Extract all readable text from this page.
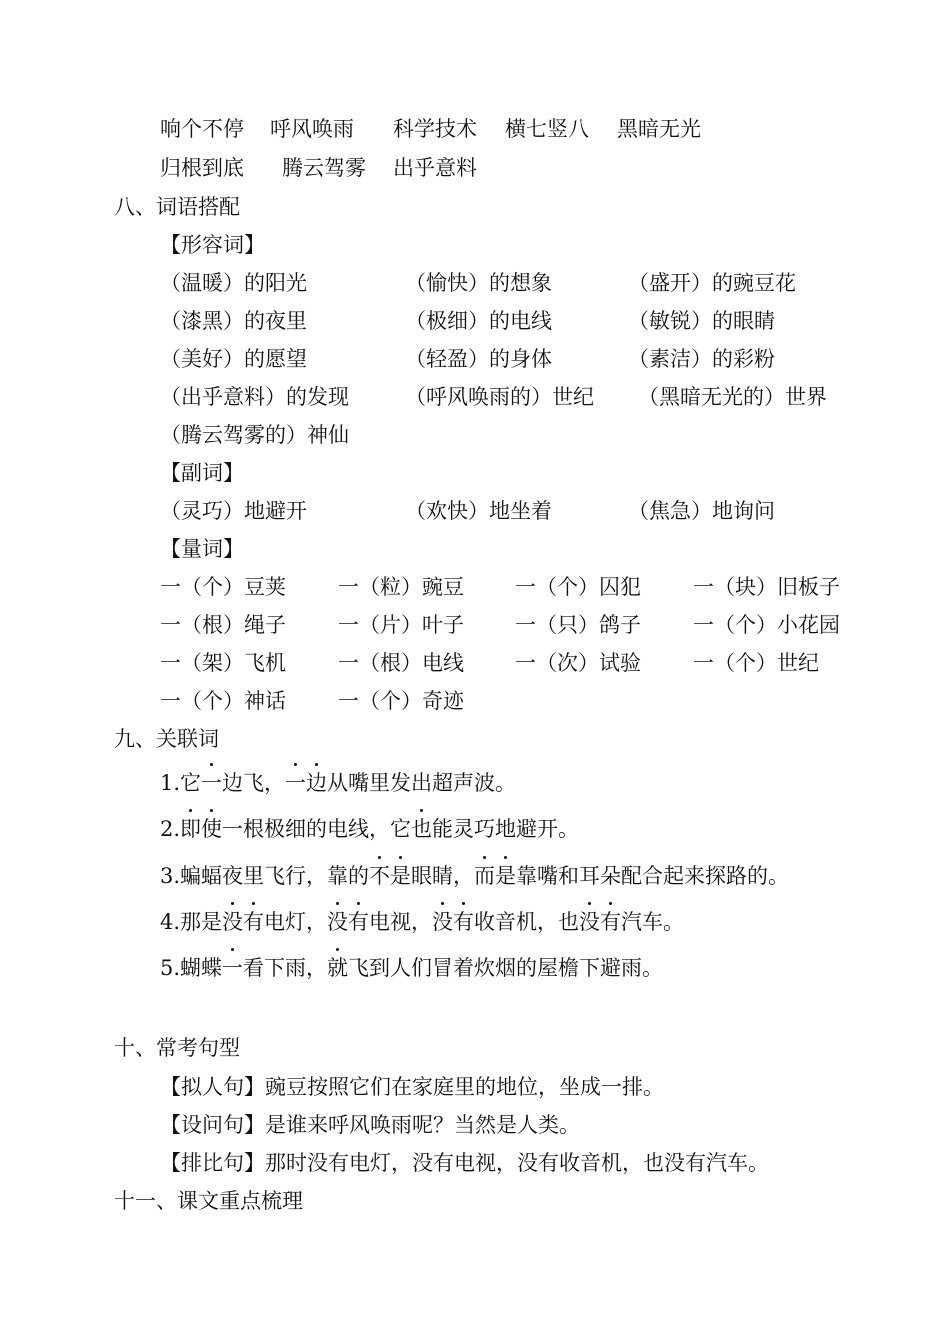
响个不停 呼风唤雨 科学技术 横七竖八 黑暗无光
归根到底 腾云驾雾 出乎意料
八、词语搭配
【形容词】
（温暖）的阳光	（愉快）的想象	（盛开）的豌豆花
（漆黑）的夜里	（极细）的电线	（敏锐）的眼睛
（美好）的愿望	（轻盈）的身体	（素洁）的彩粉
（出乎意料）的发现	（呼风唤雨的）世纪 （黑暗无光的）世界
（腾云驾雾的）神仙
【副词】
（灵巧）地避开	（欢快）地坐着	（焦急）地询问
【量词】
一（个）豆荚 一（粒）豌豆 一（个）囚犯 一（块）旧板子
一（根）绳子 一（片）叶子 一（只）鸽子 一（个）小花园
一（架）飞机 一（根）电线 一（次）试验 一（个）世纪
一（个）神话 一（个）奇迹
九、关联词
1.它一边飞，一边从嘴里发出超声波。
2.即使一根极细的电线，它也能灵巧地避开。
3.蝙蝠夜里飞行，靠的不是眼睛，而是靠嘴和耳朵配合起来探路的。
4.那是没有电灯，没有电视，没有收音机，也没有汽车。
5.蝴蝶一看下雨，就飞到人们冒着炊烟的屋檐下避雨。
十、常考句型
【拟人句】豌豆按照它们在家庭里的地位，坐成一排。
【设问句】是谁来呼风唤雨呢？当然是人类。
【排比句】那时没有电灯，没有电视，没有收音机，也没有汽车。
十一、课文重点梳理
